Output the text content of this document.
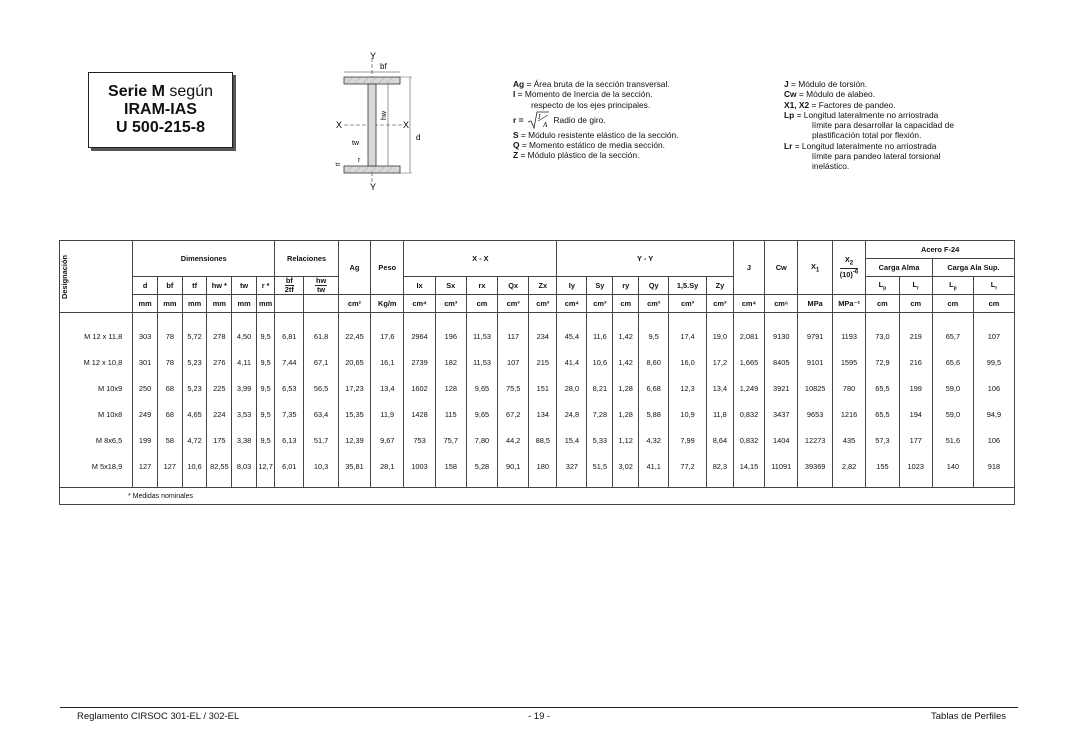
Serie M según
IRAM-IAS
U 500-215-8
Y
Y
X	X
bf
d
hw
tw
r
tf
Ag = Área bruta de la sección transversal.
I = Momento de Inercia de la sección.
respecto de los ejes principales.
r = I
A
Radio de giro.
S = Módulo resistente elástico de la sección.
Q = Momento estático de media sección.
Z = Módulo plástico de la sección.
J = Módulo de torsión.
Cw = Módulo de alabeo.
X1, X2 = Factores de pandeo.
Lp = Longitud lateralmente no arriostrada
límite para desarrollar la capacidad de
plastificación total por flexión.
Lr = Longitud lateralmente no arriostrada
límite para pandeo lateral torsional
inelástico.
Designación	Dimensiones						Relaciones		Ag	Peso	X - X					Y - Y						J	Cw	$X_1$	$\frac{X_2}{(10)^{-6}}$	Acero F-24			
																										Carga Alma		Carga Ala Sup.	
	d	bf	tf	hw *	tw	r *	$\frac{bf}{2tf}$	$\frac{hw}{tw}$			Ix	Sx	rx	Qx	Zx	Iy	Sy	ry	Qy	1,5.Sy	Zy					$L_p$	$L_r$	$L_p$	$L_r$
	mm	mm	mm	mm	mm	mm			cm²	Kg/m	cm⁴	cm³	cm	cm³	cm³	cm⁴	cm³	cm	cm³	cm³	cm³	cm⁴	cm⁶	MPa	MPa⁻²	cm	cm	cm	cm

M 12 x 11,8	303	78	5,72	278	4,50	9,5	6,81	61,8	22,45	17,6	2964	196	11,53	117	234	45,4	11,6	1,42	9,5	17,4	19,0	2,081	9130	9791	1193	73,0	219	65,7	107
M 12 x 10,8	301	78	5,23	276	4,11	9,5	7,44	67,1	20,65	16,1	2739	182	11,53	107	215	41,4	10,6	1,42	8,60	16,0	17,2	1,665	8405	9101	1595	72,9	216	65,6	99,5
M 10x9	250	68	5,23	225	3,99	9,5	6,53	56,5	17,23	13,4	1602	128	9,65	75,5	151	28,0	8,21	1,28	6,68	12,3	13,4	1,249	3921	10825	780	65,5	199	59,0	106
M 10x8	249	68	4,65	224	3,53	9,5	7,35	63,4	15,35	11,9	1428	115	9,65	67,2	134	24,8	7,28	1,28	5,88	10,9	11,8	0,832	3437	9653	1216	65,5	194	59,0	94,9
M 8x6,5	199	58	4,72	175	3,38	9,5	6,13	51,7	12,39	9,67	753	75,7	7,80	44,2	88,5	15,4	5,33	1,12	4,32	7,99	8,64	0,832	1404	12273	435	57,3	177	51,6	106
M 5x18,9	127	127	10,6	82,55	8,03	12,7	6,01	10,3	35,81	28,1	1003	158	5,28	90,1	180	327	51,5	3,02	41,1	77,2	82,3	14,15	11091	39369	2,82	155	1023	140	918

* Medidas nominales																													
Reglamento CIRSOC 301-EL / 302-EL	- 19 -	Tablas de Perfiles
